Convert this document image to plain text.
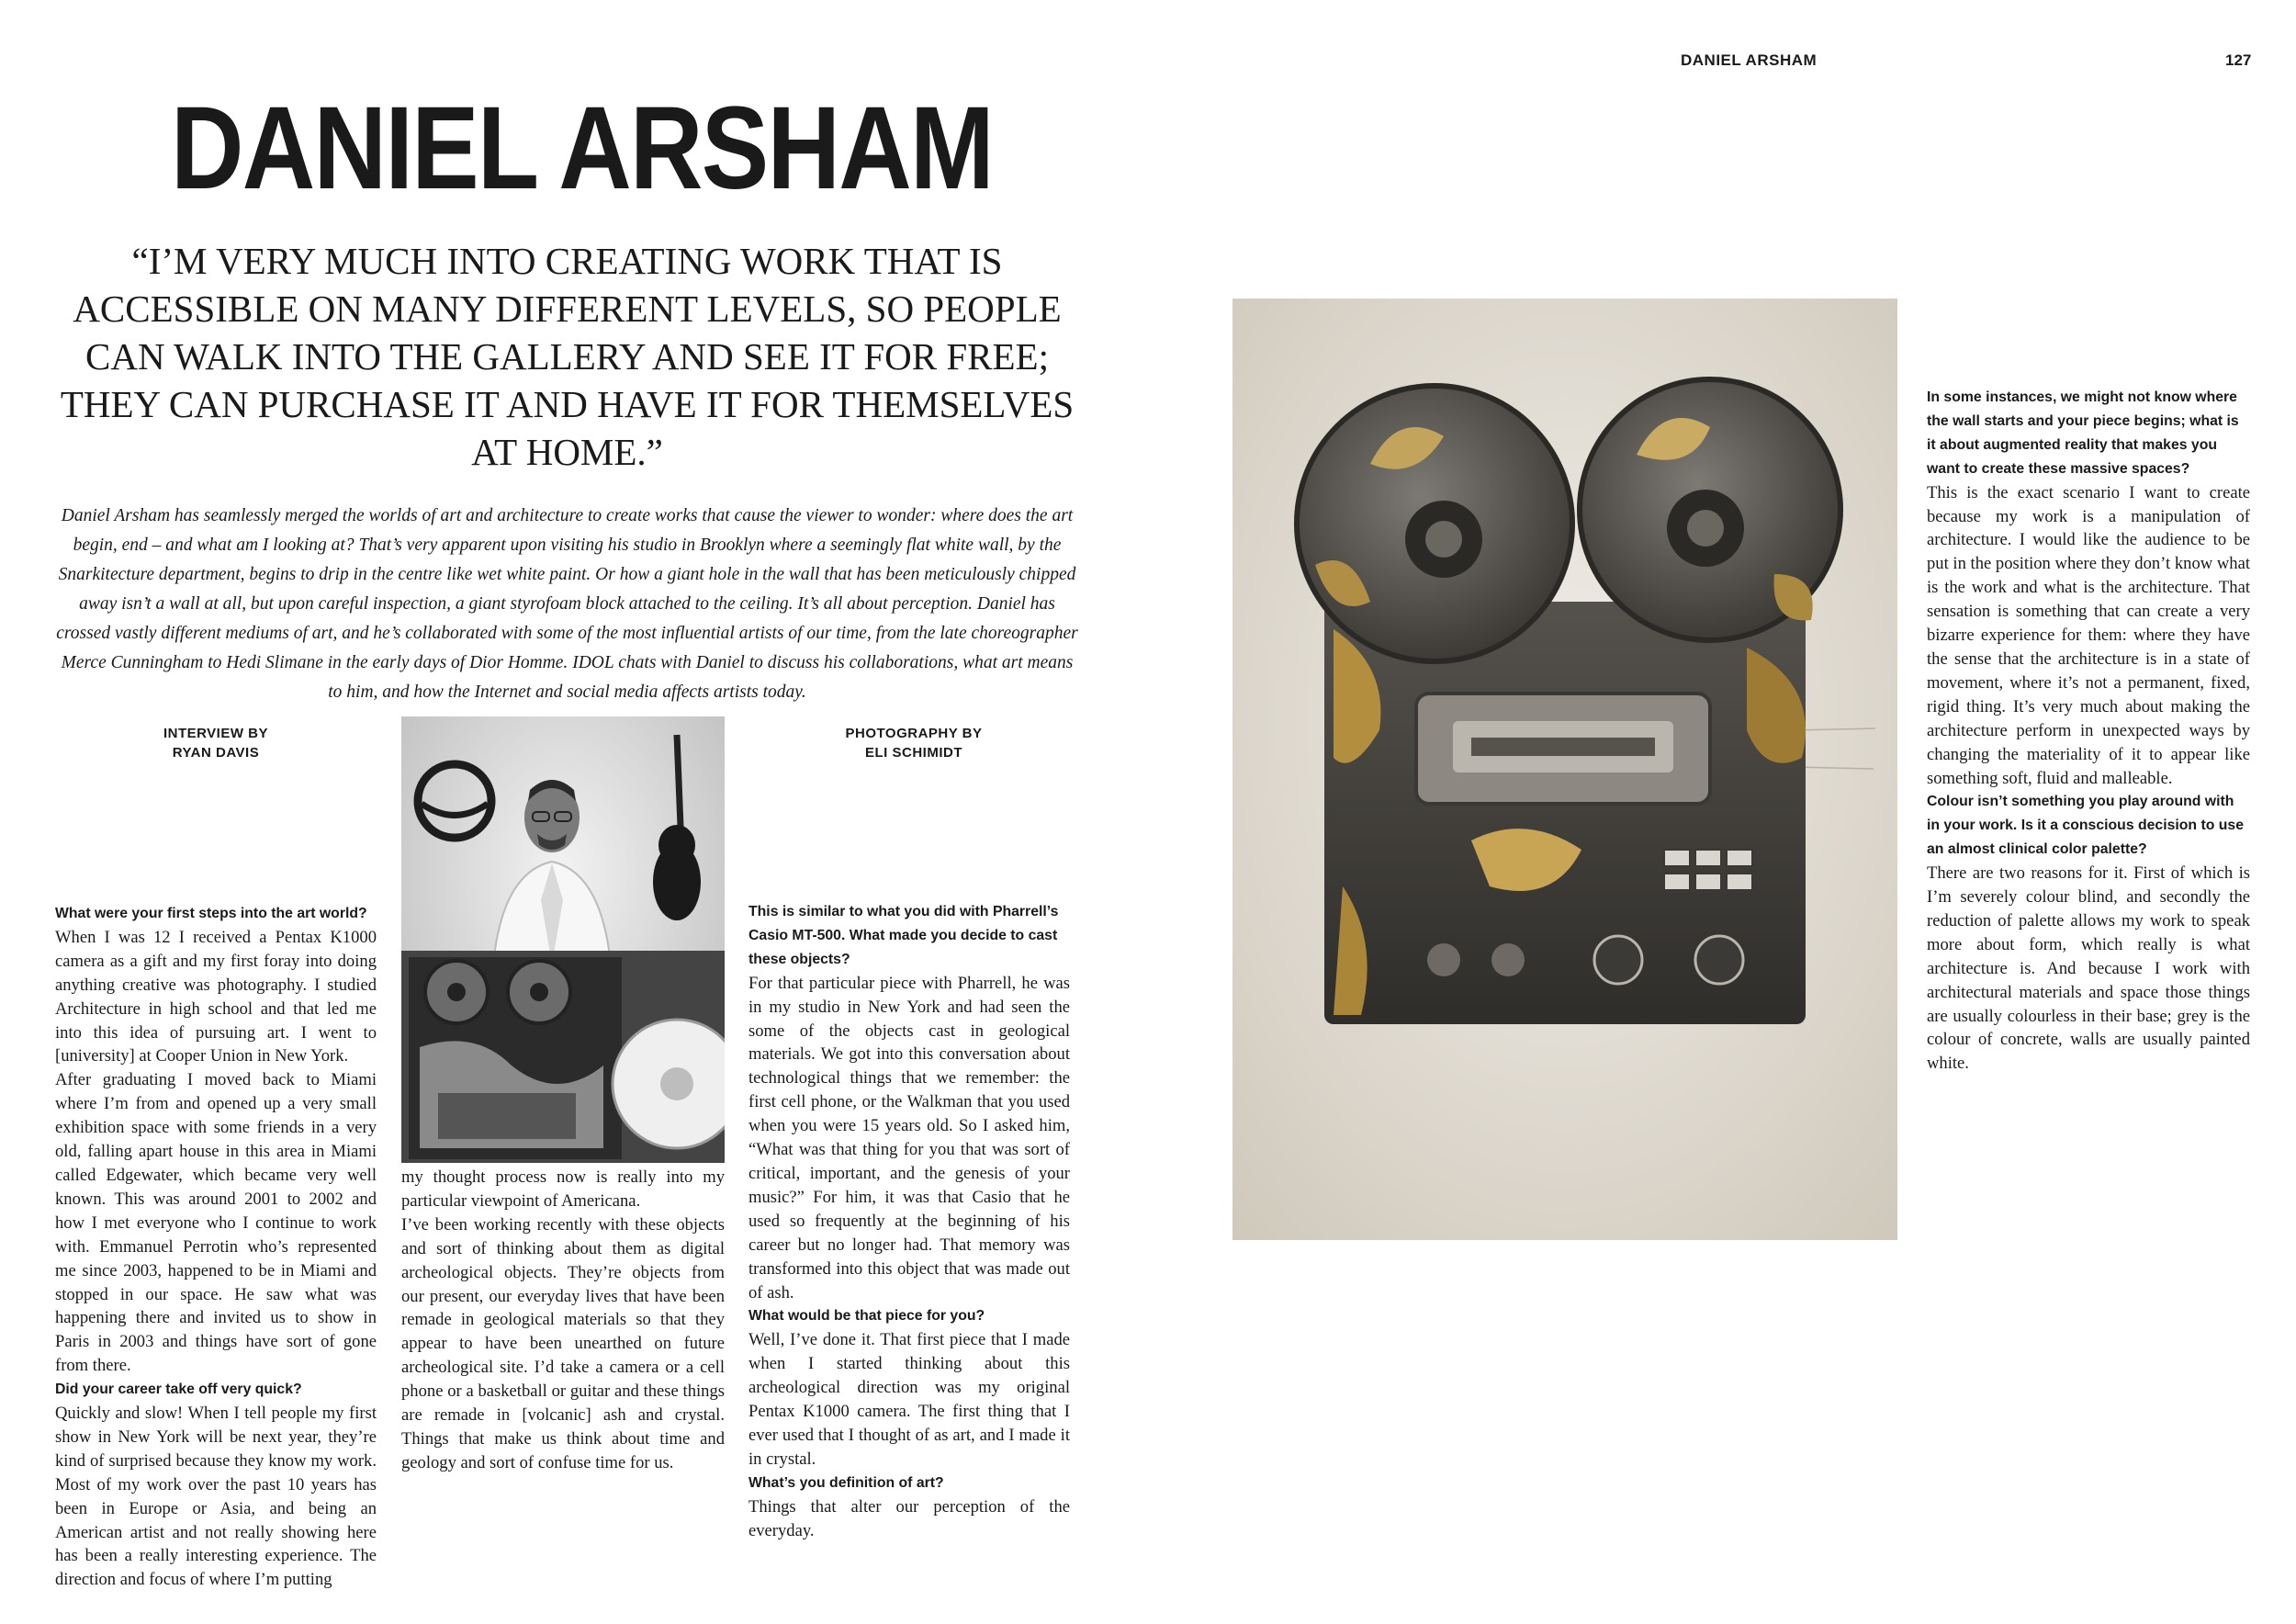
DANIEL ARSHAM	127
DANIEL ARSHAM
“I’M VERY MUCH INTO CREATING WORK THAT IS ACCESSIBLE ON MANY DIFFERENT LEVELS, SO PEOPLE CAN WALK INTO THE GALLERY AND SEE IT FOR FREE; THEY CAN PURCHASE IT AND HAVE IT FOR THEMSELVES AT HOME.”
Daniel Arsham has seamlessly merged the worlds of art and architecture to create works that cause the viewer to wonder: where does the art begin, end – and what am I looking at? That’s very apparent upon visiting his studio in Brooklyn where a seemingly flat white wall, by the Snarkitecture department, begins to drip in the centre like wet white paint. Or how a giant hole in the wall that has been meticulously chipped away isn’t a wall at all, but upon careful inspection, a giant styrofoam block attached to the ceiling. It’s all about perception. Daniel has crossed vastly different mediums of art, and he’s collaborated with some of the most influential artists of our time, from the late choreographer Merce Cunningham to Hedi Slimane in the early days of Dior Homme. IDOL chats with Daniel to discuss his collaborations, what art means to him, and how the Internet and social media affects artists today.
INTERVIEW BY
RYAN DAVIS
PHOTOGRAPHY BY
ELI SCHIMIDT
What were your first steps into the art world?
When I was 12 I received a Pentax K1000 camera as a gift and my first foray into doing anything creative was photography. I studied Architecture in high school and that led me into this idea of pursuing art. I went to [university] at Cooper Union in New York.
After graduating I moved back to Miami where I’m from and opened up a very small exhibition space with some friends in a very old, falling apart house in this area in Miami called Edgewater, which became very well known. This was around 2001 to 2002 and how I met everyone who I continue to work with. Emmanuel Perrotin who’s represented me since 2003, happened to be in Miami and stopped in our space. He saw what was happening there and invited us to show in Paris in 2003 and things have sort of gone from there.
Did your career take off very quick?
Quickly and slow! When I tell people my first show in New York will be next year, they’re kind of surprised because they know my work. Most of my work over the past 10 years has been in Europe or Asia, and being an American artist and not really showing here has been a really interesting experience. The direction and focus of where I’m putting
my thought process now is really into my particular viewpoint of Americana.
I’ve been working recently with these objects and sort of thinking about them as digital archeological objects. They’re objects from our present, our everyday lives that have been remade in geological materials so that they appear to have been unearthed on future archeological site. I’d take a camera or a cell phone or a basketball or guitar and these things are remade in [volcanic] ash and crystal. Things that make us think about time and geology and sort of confuse time for us.
This is similar to what you did with Pharrell’s Casio MT-500. What made you decide to cast these objects?
For that particular piece with Pharrell, he was in my studio in New York and had seen the some of the objects cast in geological materials. We got into this conversation about technological things that we remember: the first cell phone, or the Walkman that you used when you were 15 years old. So I asked him, “What was that thing for you that was sort of critical, important, and the genesis of your music?” For him, it was that Casio that he used so frequently at the beginning of his career but no longer had. That memory was transformed into this object that was made out of ash.
What would be that piece for you?
Well, I’ve done it. That first piece that I made when I started thinking about this archeological direction was my original Pentax K1000 camera. The first thing that I ever used that I thought of as art, and I made it in crystal.
What’s you definition of art?
Things that alter our perception of the everyday.
In some instances, we might not know where the wall starts and your piece begins; what is it about augmented reality that makes you want to create these massive spaces?
This is the exact scenario I want to create because my work is a manipulation of architecture. I would like the audience to be put in the position where they don’t know what is the work and what is the architecture. That sensation is something that can create a very bizarre experience for them: where they have the sense that the architecture is in a state of movement, where it’s not a permanent, fixed, rigid thing. It’s very much about making the architecture perform in unexpected ways by changing the materiality of it to appear like something soft, fluid and malleable.
Colour isn’t something you play around with in your work. Is it a conscious decision to use an almost clinical color palette?
There are two reasons for it. First of which is I’m severely colour blind, and secondly the reduction of palette allows my work to speak more about form, which really is what architecture is. And because I work with architectural materials and space those things are usually colourless in their base; grey is the colour of concrete, walls are usually painted white.
